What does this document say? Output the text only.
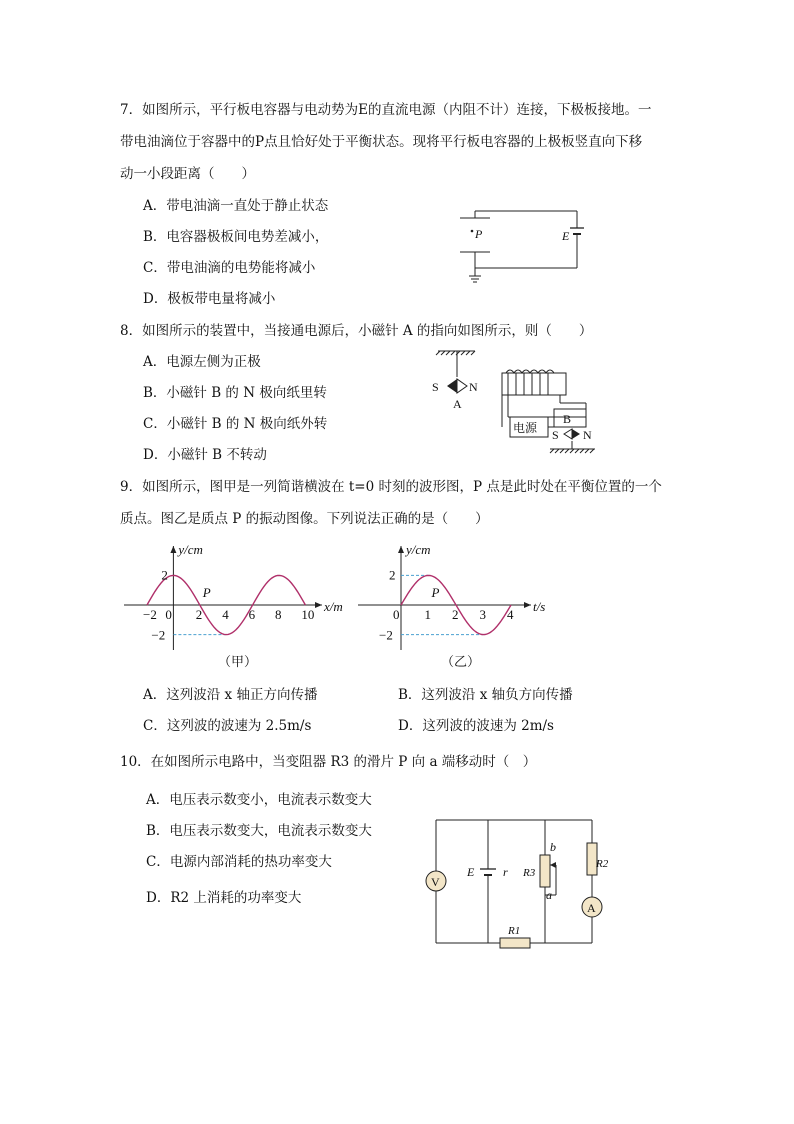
7．如图所示，平行板电容器与电动势为E的直流电源（内阻不计）连接，下极板接地。一
带电油滴位于容器中的P点且恰好处于平衡状态。现将平行板电容器的上极板竖直向下移
动一小段距离（　　）
A．带电油滴一直处于静止状态
B．电容器极板间电势差减小，
C．带电油滴的电势能将减小
D．极板带电量将减小
P	E
8．如图所示的装置中，当接通电源后，小磁针 A 的指向如图所示，则（　　）
A．电源左侧为正极
B．小磁针 B 的 N 极向纸里转
C．小磁针 B 的 N 极向纸外转
D．小磁针 B 不转动
S	N
A
B
S N
电源
9．如图所示，图甲是一列简谐横波在 t=0 时刻的波形图，P 点是此时处在平衡位置的一个
质点。图乙是质点 P 的振动图像。下列说法正确的是（　　）
−2 0 2 4 6 8 10
2
−2
y/cm
x/m
P
（甲）
0 1 2 3 4
2
−2
y/cm
t/s
P
（乙）
A．这列波沿 x 轴正方向传播	B．这列波沿 x 轴负方向传播
C．这列波的波速为 2.5m/s	D．这列波的波速为 2m/s
10．在如图所示电路中，当变阻器 R3 的滑片 P 向 a 端移动时（　）
A．电压表示数变小，电流表示数变大
B．电压表示数变大，电流表示数变大
C．电源内部消耗的热功率变大
D．R2 上消耗的功率变大
V
A
E r R3
R2
R1
b
a
